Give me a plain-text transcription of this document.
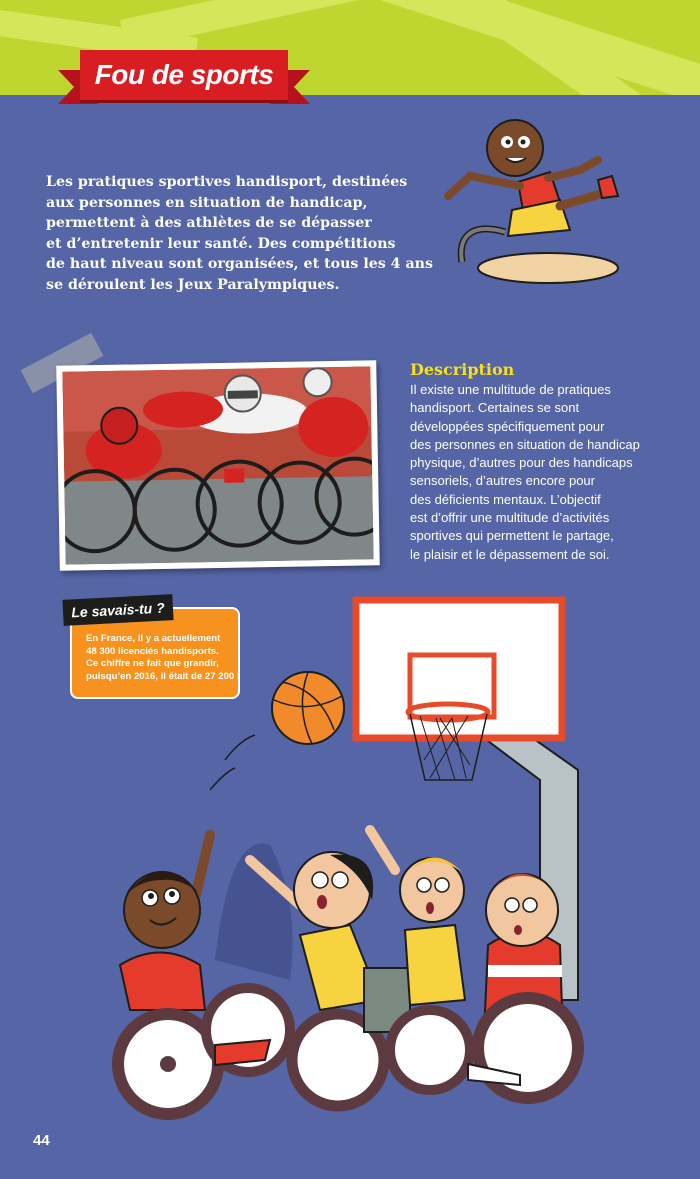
Fou de sports

Les pratiques sportives handisport, destinées

aux personnes en situation de handicap,

permettent à des athlètes de se dépasser

et d’entretenir leur santé. Des compétitions

de haut niveau sont organisées, et tous les 4 ans

se déroulent les Jeux Paralympiques.

Description

Il existe une multitude de pratiques

handisport. Certaines se sont

développées spécifiquement pour

des personnes en situation de handicap

physique, d’autres pour des handicaps

sensoriels, d’autres encore pour

des déficients mentaux. L’objectif

est d’offrir une multitude d’activités

sportives qui permettent le partage,

le plaisir et le dépassement de soi.

Le savais-tu ?

En France, il y a actuellement

48 300 licenciés handisports.

Ce chiffre ne fait que grandir,

puisqu’en 2016, il était de 27 200 !

44
